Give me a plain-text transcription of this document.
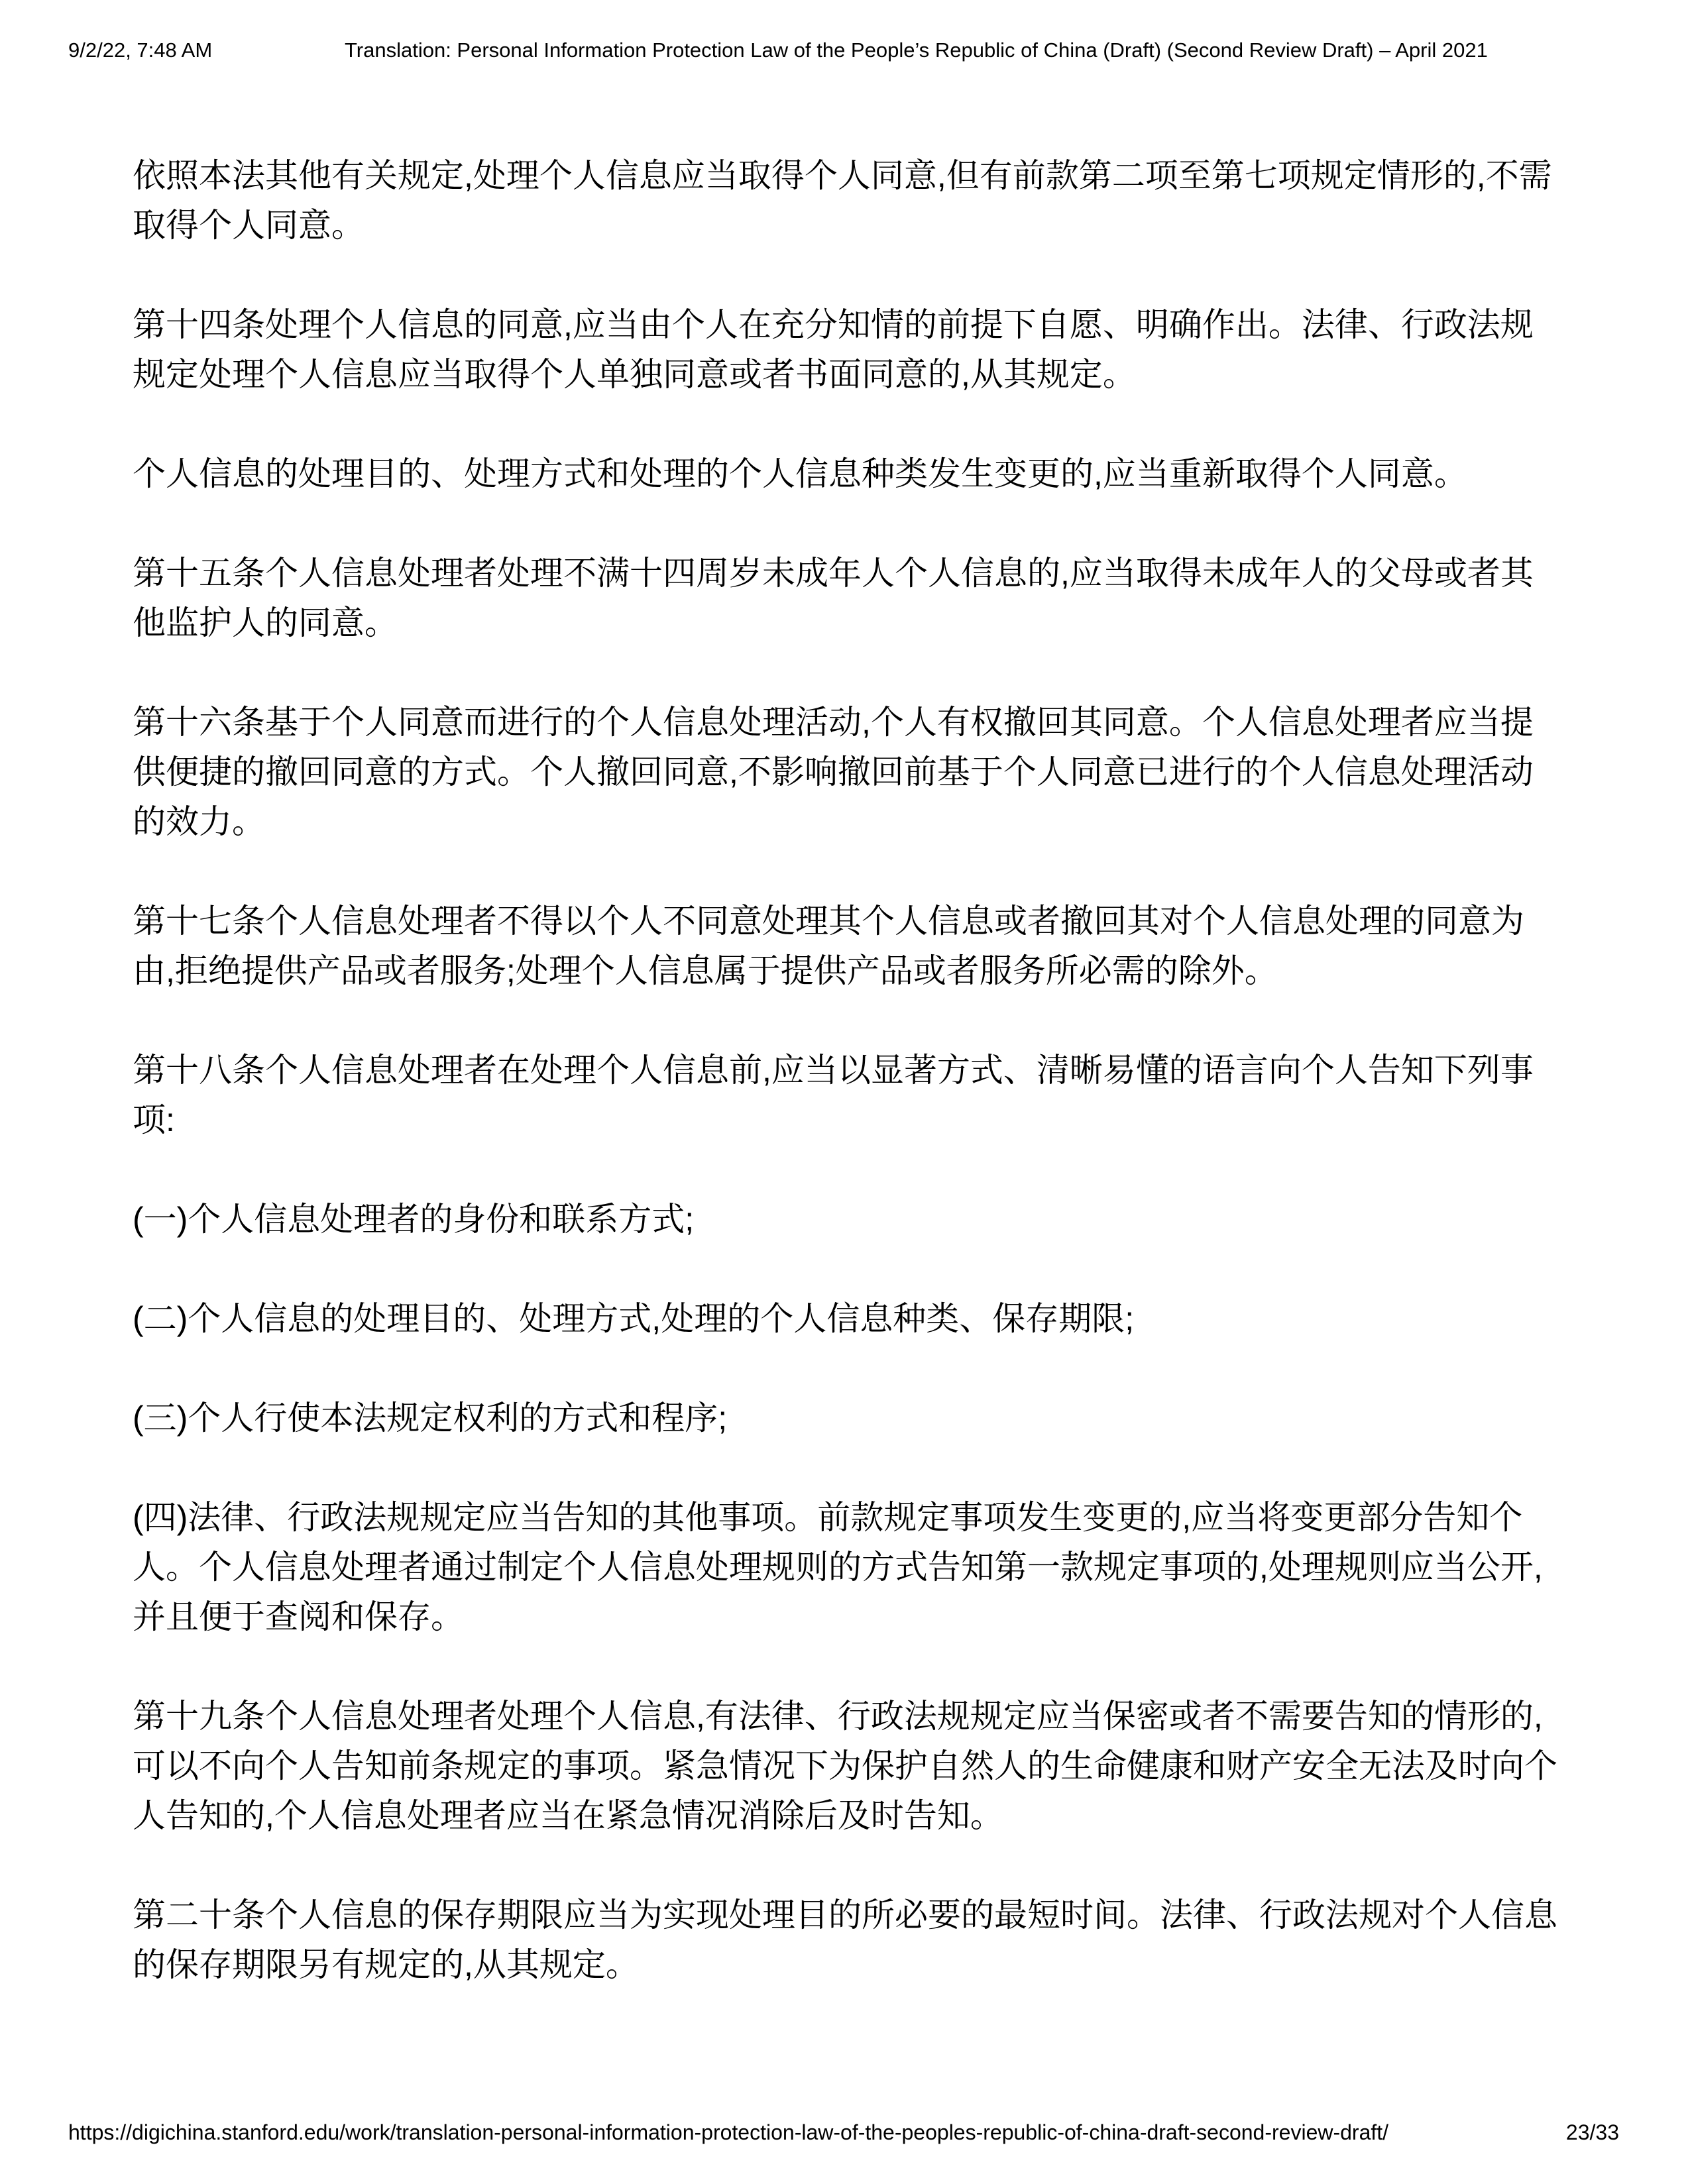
9/2/22, 7:48 AM	Translation: Personal Information Protection Law of the People’s Republic of China (Draft) (Second Review Draft) – April 2021

依照本法其他有关规定,处理个人信息应当取得个人同意,但有前款第二项至第七项规定情形的,不需取得个人同意。

第十四条处理个人信息的同意,应当由个人在充分知情的前提下自愿、明确作出。法律、行政法规规定处理个人信息应当取得个人单独同意或者书面同意的,从其规定。

个人信息的处理目的、处理方式和处理的个人信息种类发生变更的,应当重新取得个人同意。

第十五条个人信息处理者处理不满十四周岁未成年人个人信息的,应当取得未成年人的父母或者其他监护人的同意。

第十六条基于个人同意而进行的个人信息处理活动,个人有权撤回其同意。个人信息处理者应当提供便捷的撤回同意的方式。个人撤回同意,不影响撤回前基于个人同意已进行的个人信息处理活动的效力。

第十七条个人信息处理者不得以个人不同意处理其个人信息或者撤回其对个人信息处理的同意为由,拒绝提供产品或者服务;处理个人信息属于提供产品或者服务所必需的除外。

第十八条个人信息处理者在处理个人信息前,应当以显著方式、清晰易懂的语言向个人告知下列事项:

(一)个人信息处理者的身份和联系方式;

(二)个人信息的处理目的、处理方式,处理的个人信息种类、保存期限;

(三)个人行使本法规定权利的方式和程序;

(四)法律、行政法规规定应当告知的其他事项。前款规定事项发生变更的,应当将变更部分告知个人。个人信息处理者通过制定个人信息处理规则的方式告知第一款规定事项的,处理规则应当公开,并且便于查阅和保存。

第十九条个人信息处理者处理个人信息,有法律、行政法规规定应当保密或者不需要告知的情形的,可以不向个人告知前条规定的事项。紧急情况下为保护自然人的生命健康和财产安全无法及时向个人告知的,个人信息处理者应当在紧急情况消除后及时告知。

第二十条个人信息的保存期限应当为实现处理目的所必要的最短时间。法律、行政法规对个人信息的保存期限另有规定的,从其规定。

https://digichina.stanford.edu/work/translation-personal-information-protection-law-of-the-peoples-republic-of-china-draft-second-review-draft/	23/33
